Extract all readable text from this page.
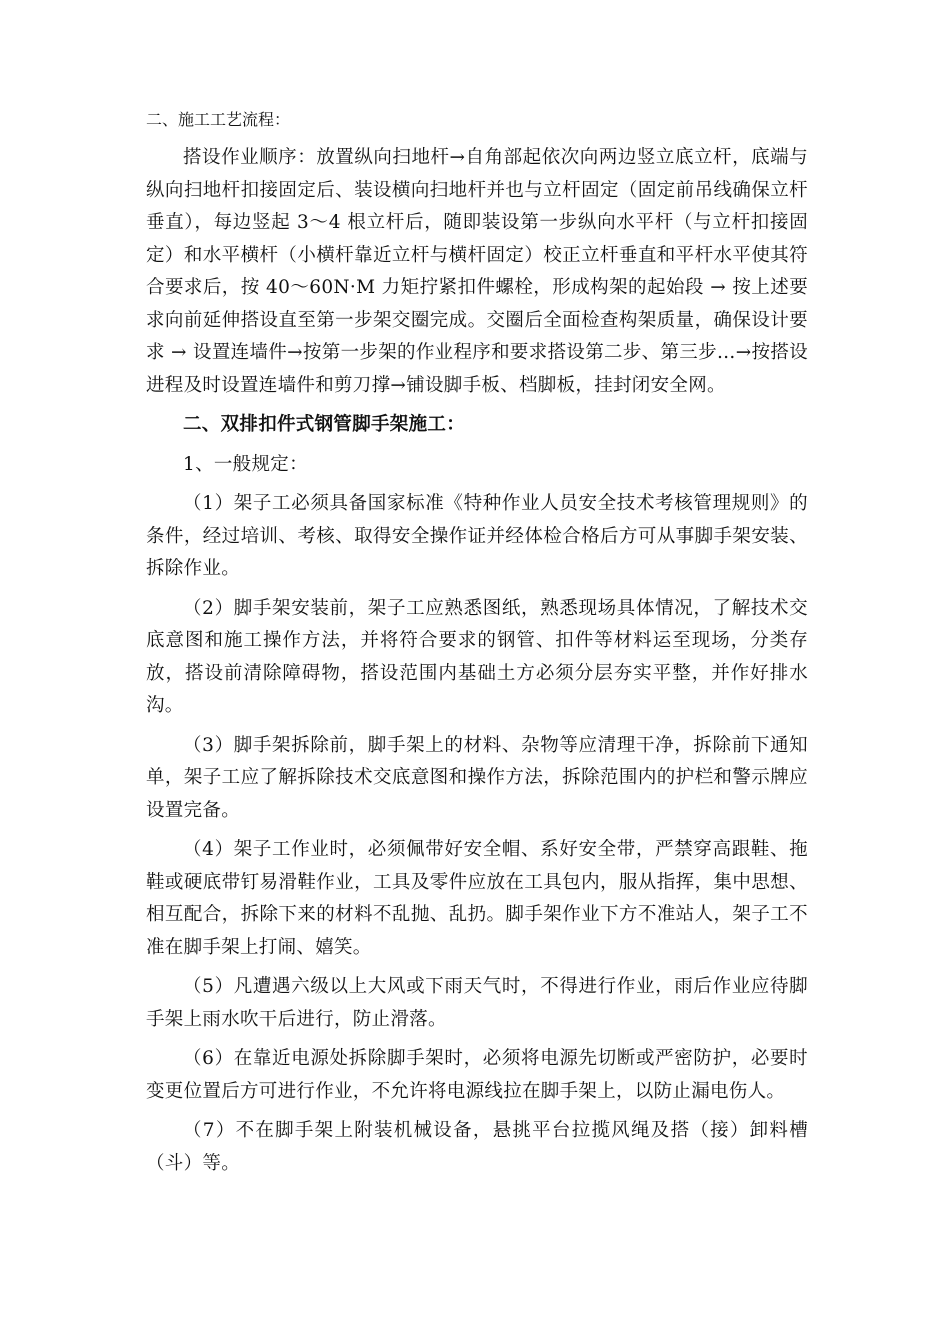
二、施工工艺流程：

搭设作业顺序：放置纵向扫地杆→自角部起依次向两边竖立底立杆，底端与纵向扫地杆扣接固定后、装设横向扫地杆并也与立杆固定（固定前吊线确保立杆垂直），每边竖起 3～4 根立杆后，随即装设第一步纵向水平杆（与立杆扣接固定）和水平横杆（小横杆靠近立杆与横杆固定）校正立杆垂直和平杆水平使其符合要求后，按 40～60N·M 力矩拧紧扣件螺栓，形成构架的起始段 → 按上述要求向前延伸搭设直至第一步架交圈完成。交圈后全面检查构架质量，确保设计要求 → 设置连墙件→按第一步架的作业程序和要求搭设第二步、第三步…→按搭设进程及时设置连墙件和剪刀撑→铺设脚手板、档脚板，挂封闭安全网。

二、双排扣件式钢管脚手架施工：

1、一般规定：

（1）架子工必须具备国家标准《特种作业人员安全技术考核管理规则》的条件，经过培训、考核、取得安全操作证并经体检合格后方可从事脚手架安装、拆除作业。

（2）脚手架安装前，架子工应熟悉图纸，熟悉现场具体情况，了解技术交底意图和施工操作方法，并将符合要求的钢管、扣件等材料运至现场，分类存放，搭设前清除障碍物，搭设范围内基础土方必须分层夯实平整，并作好排水沟。

（3）脚手架拆除前，脚手架上的材料、杂物等应清理干净，拆除前下通知单，架子工应了解拆除技术交底意图和操作方法，拆除范围内的护栏和警示牌应设置完备。

（4）架子工作业时，必须佩带好安全帽、系好安全带，严禁穿高跟鞋、拖鞋或硬底带钉易滑鞋作业，工具及零件应放在工具包内，服从指挥，集中思想、相互配合，拆除下来的材料不乱抛、乱扔。脚手架作业下方不准站人，架子工不准在脚手架上打闹、嬉笑。

（5）凡遭遇六级以上大风或下雨天气时，不得进行作业，雨后作业应待脚手架上雨水吹干后进行，防止滑落。

（6）在靠近电源处拆除脚手架时，必须将电源先切断或严密防护，必要时变更位置后方可进行作业，不允许将电源线拉在脚手架上，以防止漏电伤人。

（7）不在脚手架上附装机械设备，悬挑平台拉揽风绳及搭（接）卸料槽（斗）等。
